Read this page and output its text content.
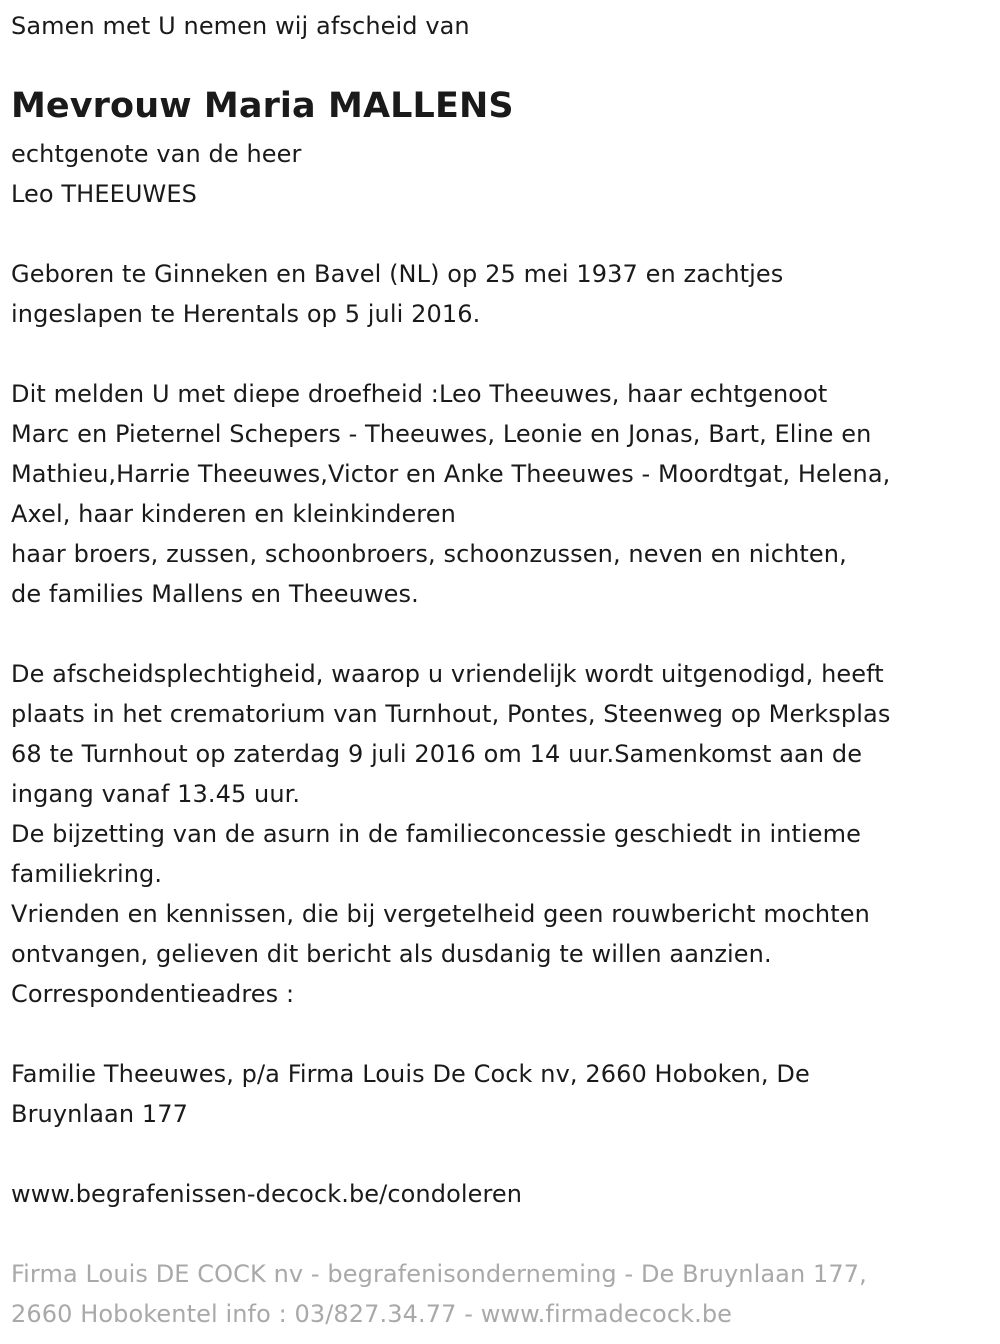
Samen met U nemen wij afscheid van
Mevrouw Maria MALLENS
echtgenote van de heer
Leo THEEUWES
Geboren te Ginneken en Bavel (NL) op 25 mei 1937 en zachtjes
ingeslapen te Herentals op 5 juli 2016.
Dit melden U met diepe droefheid :Leo Theeuwes, haar echtgenoot
Marc en Pieternel Schepers - Theeuwes, Leonie en Jonas, Bart, Eline en
Mathieu,Harrie Theeuwes,Victor en Anke Theeuwes - Moordtgat, Helena,
Axel, haar kinderen en kleinkinderen
haar broers, zussen, schoonbroers, schoonzussen, neven en nichten,
de families Mallens en Theeuwes.
De afscheidsplechtigheid, waarop u vriendelijk wordt uitgenodigd, heeft
plaats in het crematorium van Turnhout, Pontes, Steenweg op Merksplas
68 te Turnhout op zaterdag 9 juli 2016 om 14 uur.Samenkomst aan de
ingang vanaf 13.45 uur.
De bijzetting van de asurn in de familieconcessie geschiedt in intieme
familiekring.
Vrienden en kennissen, die bij vergetelheid geen rouwbericht mochten
ontvangen, gelieven dit bericht als dusdanig te willen aanzien.
Correspondentieadres :
Familie Theeuwes, p/a Firma Louis De Cock nv, 2660 Hoboken, De
Bruynlaan 177
www.begrafenissen-decock.be/condoleren
Firma Louis DE COCK nv - begrafenisonderneming - De Bruynlaan 177,
2660 Hobokentel info : 03/827.34.77 - www.firmadecock.be
